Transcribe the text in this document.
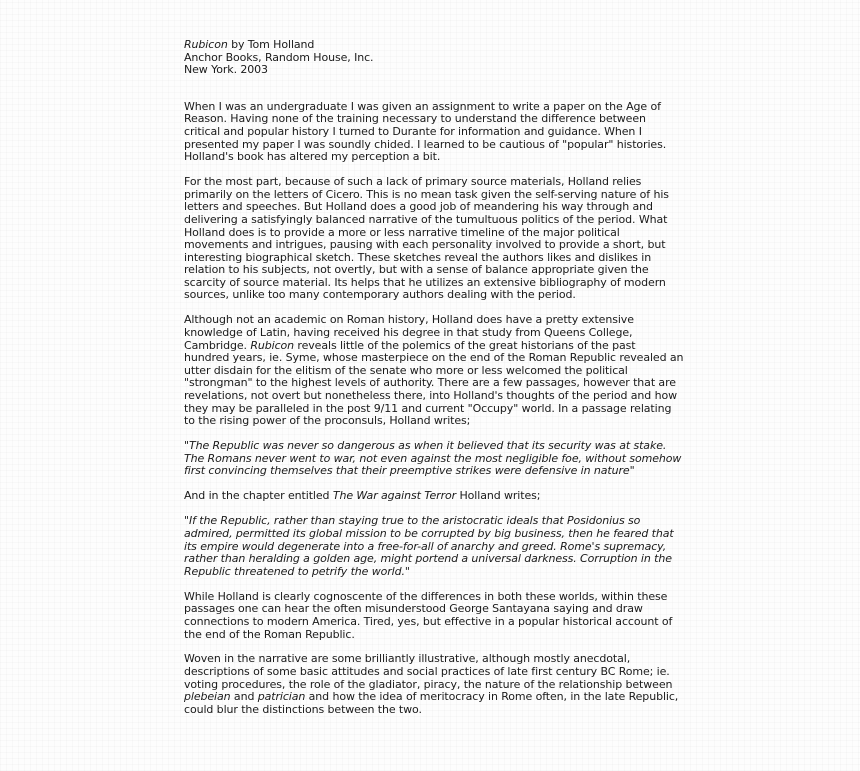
Rubicon by Tom Holland

Anchor Books, Random House, Inc.

New York. 2003

When I was an undergraduate I was given an assignment to write a paper on the Age of Reason. Having none of the training necessary to understand the difference between critical and popular history I turned to Durante for information and guidance. When I presented my paper I was soundly chided. I learned to be cautious of "popular" histories. Holland's book has altered my perception a bit.

For the most part, because of such a lack of primary source materials, Holland relies primarily on the letters of Cicero. This is no mean task given the self-serving nature of his letters and speeches. But Holland does a good job of meandering his way through and delivering a satisfyingly balanced narrative of the tumultuous politics of the period. What Holland does is to provide a more or less narrative timeline of the major political movements and intrigues, pausing with each personality involved to provide a short, but interesting biographical sketch. These sketches reveal the authors likes and dislikes in relation to his subjects, not overtly, but with a sense of balance appropriate given the scarcity of source material. Its helps that he utilizes an extensive bibliography of modern sources, unlike too many contemporary authors dealing with the period.

Although not an academic on Roman history, Holland does have a pretty extensive knowledge of Latin, having received his degree in that study from Queens College, Cambridge. Rubicon reveals little of the polemics of the great historians of the past hundred years, ie. Syme, whose masterpiece on the end of the Roman Republic revealed an utter disdain for the elitism of the senate who more or less welcomed the political "strongman" to the highest levels of authority. There are a few passages, however that are revelations, not overt but nonetheless there, into Holland's thoughts of the period and how they may be paralleled in the post 9/11 and current "Occupy" world. In a passage relating to the rising power of the proconsuls, Holland writes;

"The Republic was never so dangerous as when it believed that its security was at stake. The Romans never went to war, not even against the most negligible foe, without somehow first convincing themselves that their preemptive strikes were defensive in nature"

And in the chapter entitled The War against Terror Holland writes;

"If the Republic, rather than staying true to the aristocratic ideals that Posidonius so admired, permitted its global mission to be corrupted by big business, then he feared that its empire would degenerate into a free-for-all of anarchy and greed. Rome's supremacy, rather than heralding a golden age, might portend a universal darkness. Corruption in the Republic threatened to petrify the world."

While Holland is clearly cognoscente of the differences in both these worlds, within these passages one can hear the often misunderstood George Santayana saying and draw connections to modern America. Tired, yes, but effective in a popular historical account of the end of the Roman Republic.

Woven in the narrative are some brilliantly illustrative, although mostly anecdotal, descriptions of some basic attitudes and social practices of late first century BC Rome; ie. voting procedures, the role of the gladiator, piracy, the nature of the relationship between plebeian and patrician and how the idea of meritocracy in Rome often, in the late Republic, could blur the distinctions between the two.
